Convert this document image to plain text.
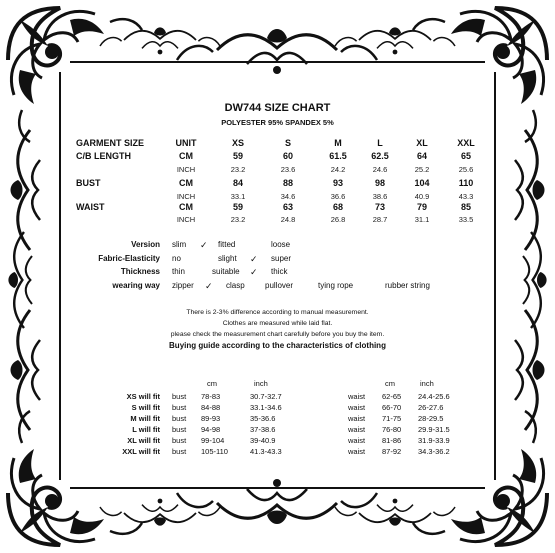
DW744 SIZE CHART
POLYESTER 95% SPANDEX 5%
GARMENT SIZE	UNIT	XS	S	M	L	XL	XXL
C/B LENGTH	CM	59	60	61.5	62.5	64	65
INCH	23.2	23.6	24.2	24.6	25.2	25.6
BUST	CM	84	88	93	98	104	110
INCH	33.1	34.6	36.6	38.6	40.9	43.3
WAIST	CM	59	63	68	73	79	85
INCH	23.2	24.8	26.8	28.7	31.1	33.5
Version slim ✓ fitted	loose
Fabric-Elasticity no	slight ✓ super
Thickness thin	suitable ✓ thick
wearing way zipper ✓ clasp	pullover	tying rope	rubber string
There is 2-3% difference according to manual measurement.
Clothes are measured while laid flat.
please check the measurement chart carefully before you buy the item.
Buying guide according to the characteristics of clothing
cm	inch	cm	inch
XS will fit bust 78-83	30.7-32.7	waist 62-65 24.4-25.6
S will fit bust 84-88	33.1-34.6	waist 66-70 26-27.6
M will fit bust 89-93	35-36.6	waist 71-75 28-29.5
L will fit bust 94-98	37-38.6	waist 76-80 29.9-31.5
XL will fit bust 99-104	39-40.9	waist 81-86 31.9-33.9
XXL will fit bust 105-110	41.3-43.3	waist 87-92 34.3-36.2
